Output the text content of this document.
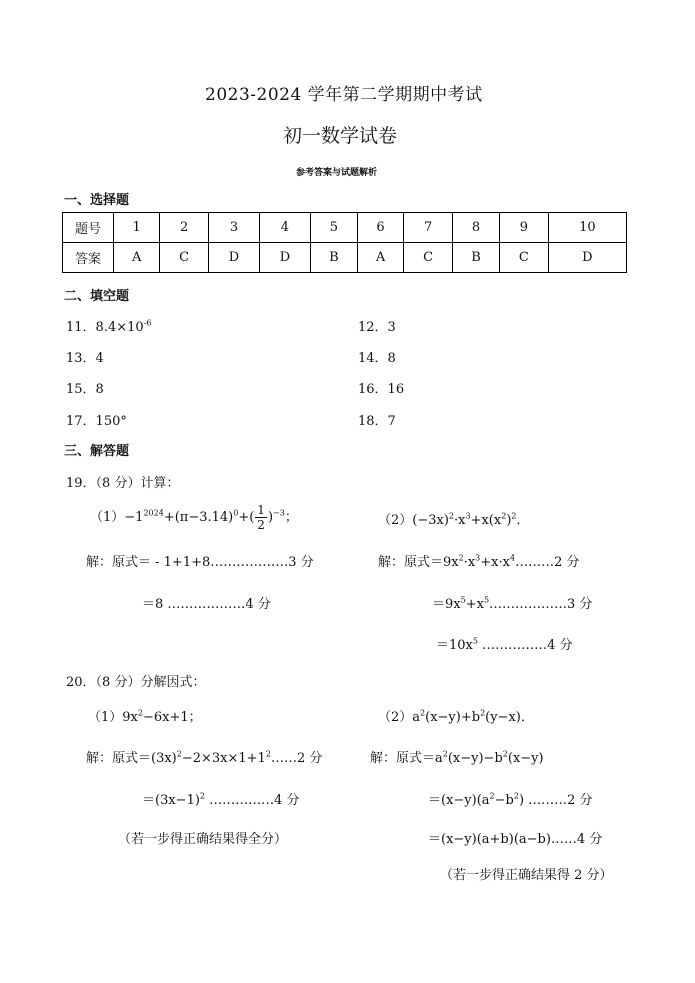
2023-2024 学年第二学期期中考试
初一数学试卷
参考答案与试题解析
一、选择题
题号	1	2	3	4	5	6	7	8	9	10
答案	A	C	D	D	B	A	C	B	C	D
二、填空题
11．$8.4\times 10^{-6}$	12．3
13．4	14．8
15．8	16．16
17．150°	18．7
三、解答题
19．（8 分）计算：
$(1)-1^{2024}+(\pi-3.14)^0+( \frac{1}{2} )^{-3}$；	$(2)(-3x)^2\cdot x^3+x(x^2)^2$．
解：原式＝ - 1+1+8………………3 分
＝8 ………………4 分
解：原式$=9x^2\cdot x^3+x\cdot x^4\dots\dots\dots 2$ 分
$=9x^5+x^5\dots\dots\dots\dots\dots\dots 3$ 分
$=10x^5$ ……………4 分
20．（8 分）分解因式：
$(1)9x^2-6x+1$；	$(2)a^2(x-y)+b^2(y-x)$．
解：原式$=(3x)^2-2\times 3x\times 1+1^2\dots\dots 2$ 分
$=(3x-1)^2$ ……………4 分
（若一步得正确结果得全分）
解：原式$=a^2(x-y)-b^2(x-y)$
$=(x-y)(a^2-b^2)$ ………2 分
＝(x−y)(a+b)(a−b)……4 分
（若一步得正确结果得 2 分）
